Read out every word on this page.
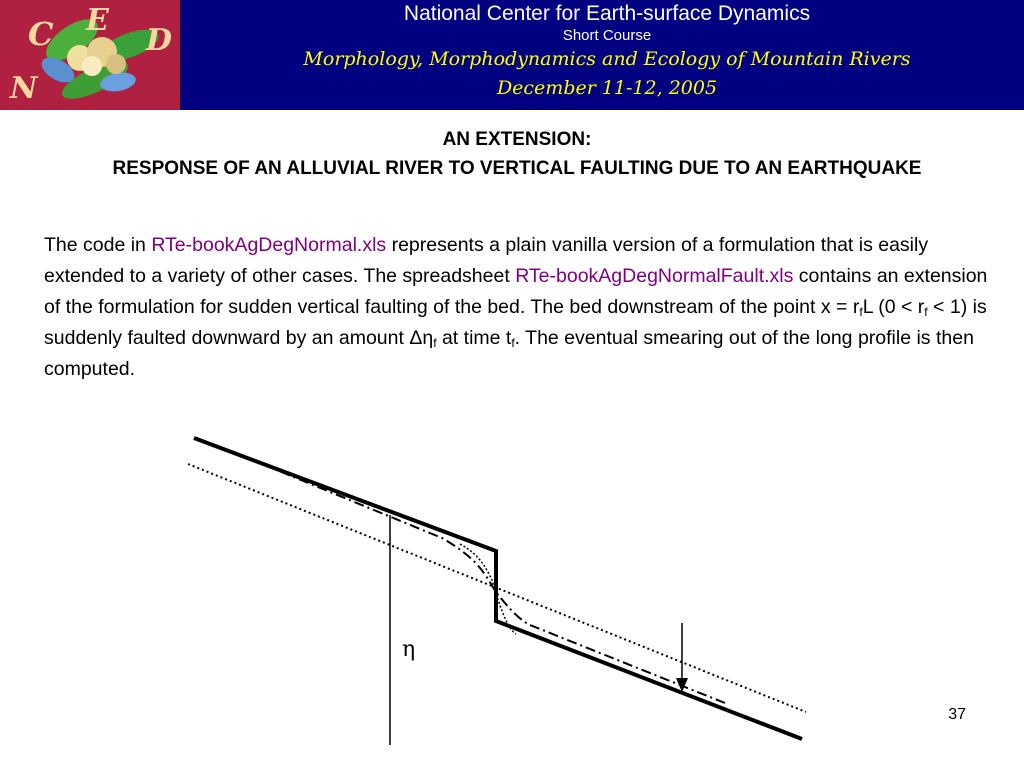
C E
D
N
National Center for Earth-surface Dynamics
Short Course
Morphology, Morphodynamics and Ecology of Mountain Rivers
December 11-12, 2005
AN EXTENSION:
RESPONSE OF AN ALLUVIAL RIVER TO VERTICAL FAULTING DUE TO AN EARTHQUAKE
The code in RTe-bookAgDegNormal.xls represents a plain vanilla version of a formulation that is easily extended to a variety of other cases. The spreadsheet RTe-bookAgDegNormalFault.xls contains an extension of the formulation for sudden vertical faulting of the bed. The bed downstream of the point $x = r_fL$ $(0 < r_f < 1)$ is suddenly faulted downward by an amount $\Delta\eta_f$ at time $t_f$. The eventual smearing out of the long profile is then computed.
η
37
